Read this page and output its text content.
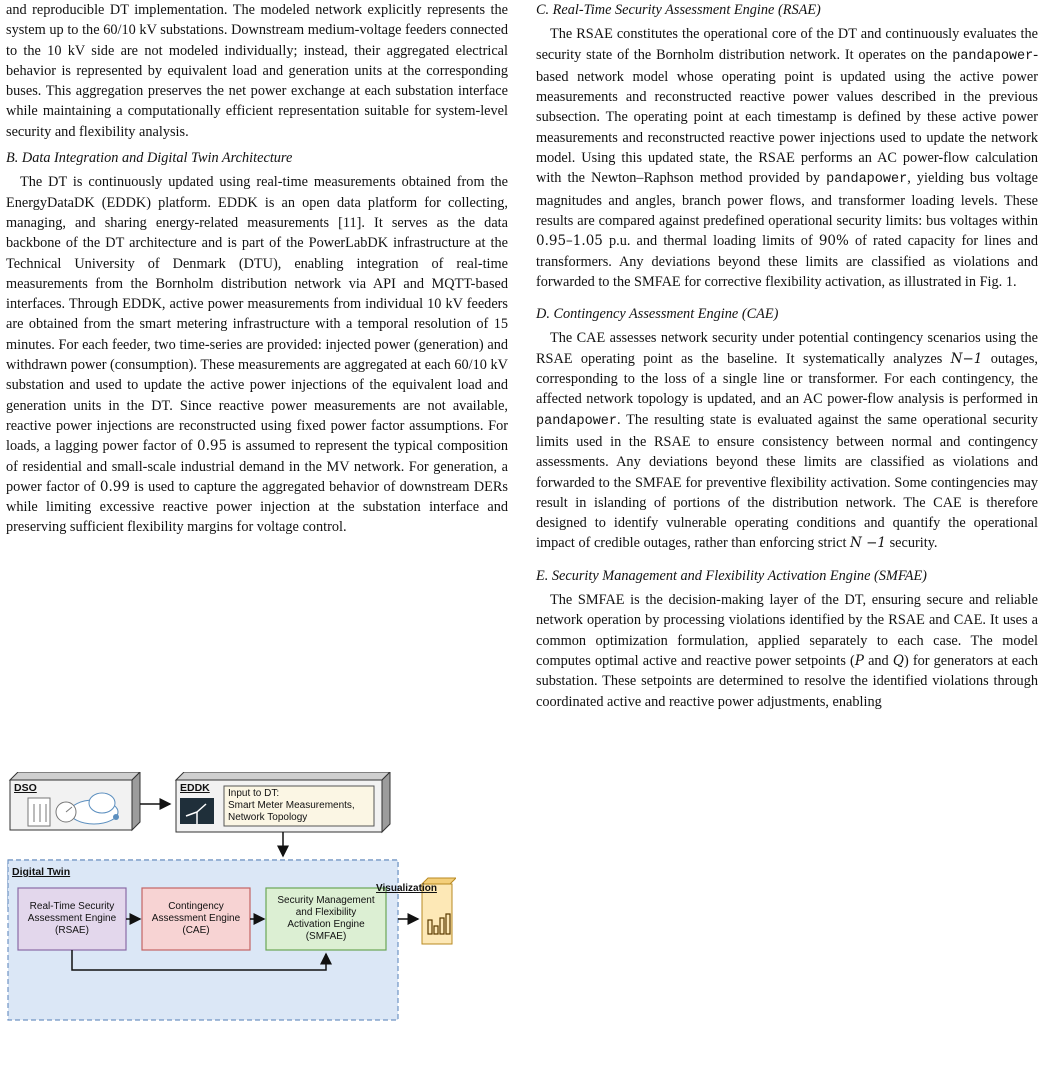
and reproducible DT implementation. The modeled network explicitly represents the system up to the 60/10 kV substations. Downstream medium-voltage feeders connected to the 10 kV side are not modeled individually; instead, their aggregated electrical behavior is represented by equivalent load and generation units at the corresponding buses. This aggregation preserves the net power exchange at each substation interface while maintaining a computationally efficient representation suitable for system-level security and flexibility analysis.

B. Data Integration and Digital Twin Architecture

The DT is continuously updated using real-time measurements obtained from the EnergyDataDK (EDDK) platform. EDDK is an open data platform for collecting, managing, and sharing energy-related measurements [11]. It serves as the data backbone of the DT architecture and is part of the PowerLabDK infrastructure at the Technical University of Denmark (DTU), enabling integration of real-time measurements from the Bornholm distribution network via API and MQTT-based interfaces. Through EDDK, active power measurements from individual 10 kV feeders are obtained from the smart metering infrastructure with a temporal resolution of 15 minutes. For each feeder, two time-series are provided: injected power (generation) and withdrawn power (consumption). These measurements are aggregated at each 60/10 kV substation and used to update the active power injections of the equivalent load and generation units in the DT. Since reactive power measurements are not available, reactive power injections are reconstructed using fixed power factor assumptions. For loads, a lagging power factor of 0.95 is assumed to represent the typical composition of residential and small-scale industrial demand in the MV network. For generation, a power factor of 0.99 is used to capture the aggregated behavior of downstream DERs while limiting excessive reactive power injection at the substation interface and preserving sufficient flexibility margins for voltage control.

DSO	EDDK Input to DT:
Smart Meter Measurements,
Network Topology
Digital Twin
Real-Time Security
Assessment Engine
(RSAE)
Contingency
Assessment Engine
(CAE)
Security Management
and Flexibility
Activation Engine
(SMFAE)
Visualization

C. Real-Time Security Assessment Engine (RSAE)

The RSAE constitutes the operational core of the DT and continuously evaluates the security state of the Bornholm distribution network. It operates on the pandapower-based network model whose operating point is updated using the active power measurements and reconstructed reactive power values described in the previous subsection. The operating point at each timestamp is defined by these active power measurements and reconstructed reactive power injections used to update the network model. Using this updated state, the RSAE performs an AC power-flow calculation with the Newton–Raphson method provided by pandapower, yielding bus voltage magnitudes and angles, branch power flows, and transformer loading levels. These results are compared against predefined operational security limits: bus voltages within 0.95–1.05 p.u. and thermal loading limits of 90% of rated capacity for lines and transformers. Any deviations beyond these limits are classified as violations and forwarded to the SMFAE for corrective flexibility activation, as illustrated in Fig. 1.

D. Contingency Assessment Engine (CAE)

The CAE assesses network security under potential contingency scenarios using the RSAE operating point as the baseline. It systematically analyzes N−1 outages, corresponding to the loss of a single line or transformer. For each contingency, the affected network topology is updated, and an AC power-flow analysis is performed in pandapower. The resulting state is evaluated against the same operational security limits used in the RSAE to ensure consistency between normal and contingency assessments. Any deviations beyond these limits are classified as violations and forwarded to the SMFAE for preventive flexibility activation. Some contingencies may result in islanding of portions of the distribution network. The CAE is therefore designed to identify vulnerable operating conditions and quantify the operational impact of credible outages, rather than enforcing strict N −1 security.

E. Security Management and Flexibility Activation Engine (SMFAE)

The SMFAE is the decision-making layer of the DT, ensuring secure and reliable network operation by processing violations identified by the RSAE and CAE. It uses a common optimization formulation, applied separately to each case. The model computes optimal active and reactive power setpoints (P and Q) for generators at each substation. These setpoints are determined to resolve the identified violations through coordinated active and reactive power adjustments, enabling
